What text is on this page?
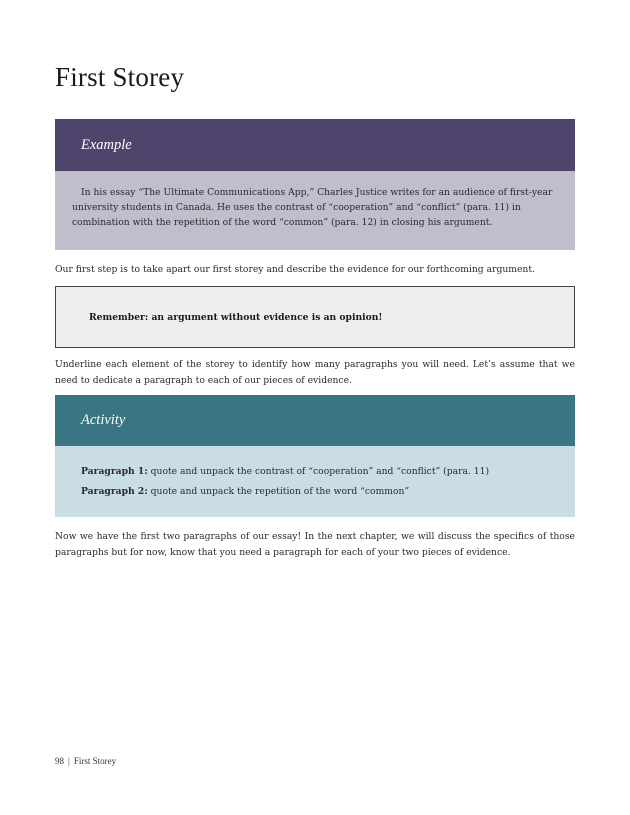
First Storey
Example

In his essay “The Ultimate Communications App,” Charles Justice writes for an audience of first-year university students in Canada. He uses the contrast of “cooperation” and “conflict” (para. 11) in combination with the repetition of the word “common” (para. 12) in closing his argument.

Our first step is to take apart our first storey and describe the evidence for our forthcoming argument.

Remember: an argument without evidence is an opinion!

Underline each element of the storey to identify how many paragraphs you will need. Let’s assume that we need to dedicate a paragraph to each of our pieces of evidence.

Activity

Paragraph 1: quote and unpack the contrast of “cooperation” and “conflict” (para. 11)

Paragraph 2: quote and unpack the repetition of the word “common”

Now we have the first two paragraphs of our essay! In the next chapter, we will discuss the specifics of those paragraphs but for now, know that you need a paragraph for each of your two pieces of evidence.

98 | First Storey
